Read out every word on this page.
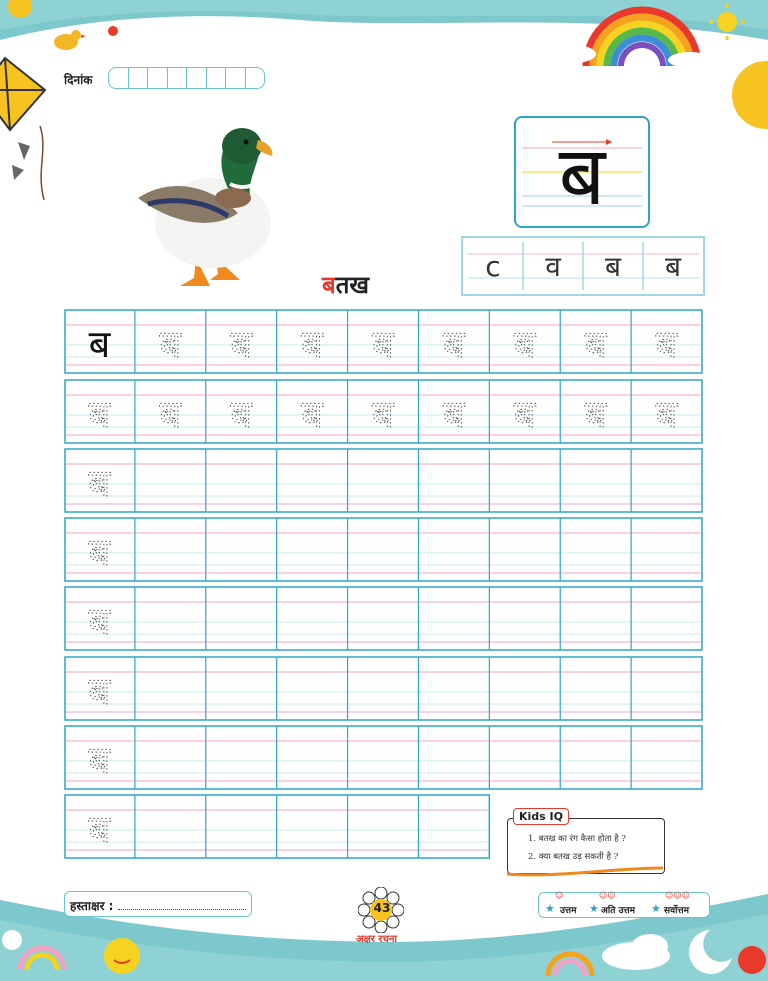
दिनांक
ब
c व ब ब
बतख
ब ब ब ब ब ब ब ब ब
ब ब ब ब ब ब ब ब ब
ब
ब
ब
ब
ब
ब	1. बतख का रंग कैसा होता है ?
2. क्या बतख उड़ सकती है ?
Kids IQ
हस्ताक्षर :	43
अक्षर रचना
★
☺
उत्तम ★
☺☺
अति उत्तम ★
☺☺☺
सर्वोत्तम
